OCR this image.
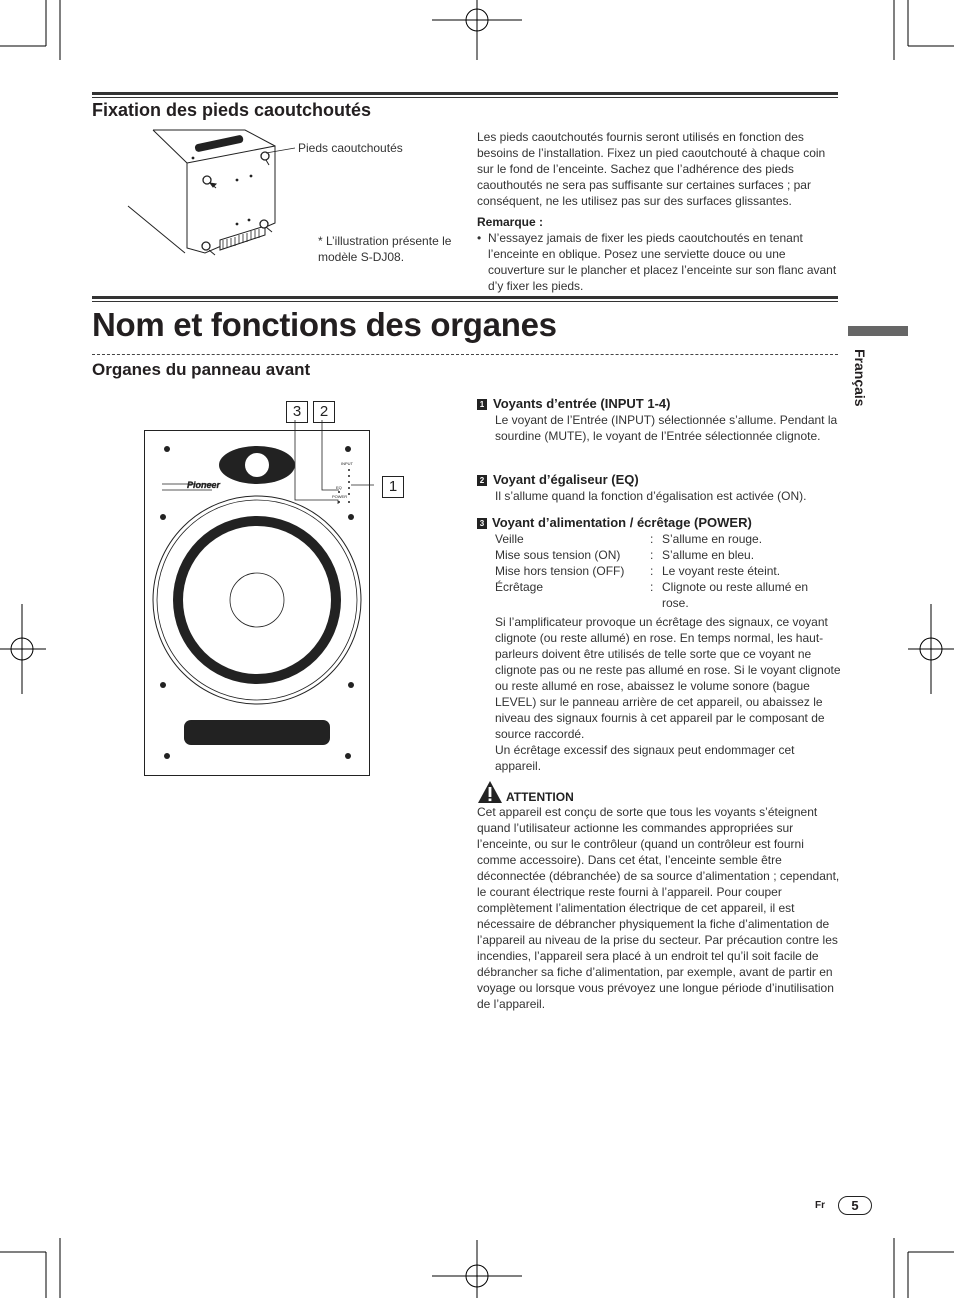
Fixation des pieds caoutchoutés
Pieds caoutchoutés
* L’illustration présente le modèle S-DJ08.

Les pieds caoutchoutés fournis seront utilisés en fonction des besoins de l’installation. Fixez un pied caoutchouté à chaque coin sur le fond de l’enceinte. Sachez que l’adhérence des pieds caouthoutés ne sera pas suffisante sur certaines surfaces ; par conséquent, ne les utilisez pas sur des surfaces glissantes.

Remarque :

• N’essayez jamais de fixer les pieds caoutchoutés en tenant l’enceinte en oblique. Posez une serviette douce ou une couverture sur le plancher et placez l’enceinte sur son flanc avant d’y fixer les pieds.
Nom et fonctions des organes
Organes du panneau avant	Français
3	2
1
Pioneer
INPUT
EQ
POWER
1 Voyants d’entrée (INPUT 1-4)
Le voyant de l’Entrée (INPUT) sélectionnée s’allume. Pendant la sourdine (MUTE), le voyant de l’Entrée sélectionnée clignote.
2 Voyant d’égaliseur (EQ)
Il s’allume quand la fonction d’égalisation est activée (ON).
3 Voyant d’alimentation / écrêtage (POWER)
Veille	: S’allume en rouge.
Mise sous tension (ON)	: S’allume en bleu.
Mise hors tension (OFF)	: Le voyant reste éteint.
Écrêtage	: Clignote ou reste allumé en rose.
Si l’amplificateur provoque un écrêtage des signaux, ce voyant clignote (ou reste allumé) en rose. En temps normal, les haut-parleurs doivent être utilisés de telle sorte que ce voyant ne clignote pas ou ne reste pas allumé en rose. Si le voyant clignote ou reste allumé en rose, abaissez le volume sonore (bague LEVEL) sur le panneau arrière de cet appareil, ou abaissez le niveau des signaux fournis à cet appareil par le composant de source raccordé.
Un écrêtage excessif des signaux peut endommager cet appareil.
ATTENTION
Cet appareil est conçu de sorte que tous les voyants s’éteignent quand l’utilisateur actionne les commandes appropriées sur l’enceinte, ou sur le contrôleur (quand un contrôleur est fourni comme accessoire). Dans cet état, l’enceinte semble être déconnectée (débranchée) de sa source d’alimentation ; cependant, le courant électrique reste fourni à l’appareil. Pour couper complètement l’alimentation électrique de cet appareil, il est nécessaire de débrancher physiquement la fiche d’alimentation de l’appareil au niveau de la prise du secteur. Par précaution contre les incendies, l’appareil sera placé à un endroit tel qu’il soit facile de débrancher sa fiche d’alimentation, par exemple, avant de partir en voyage ou lorsque vous prévoyez une longue période d’inutilisation de l’appareil.
Fr	5
